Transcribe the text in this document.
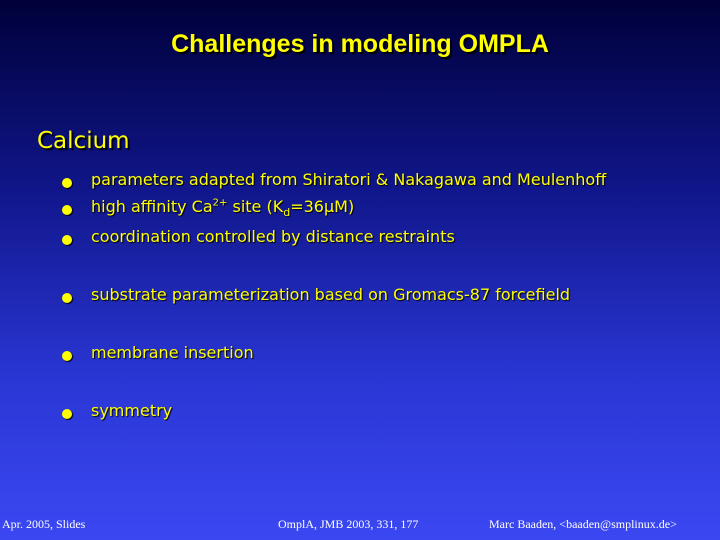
Challenges in modeling OMPLA
Calcium
parameters adapted from Shiratori & Nakagawa and Meulenhoff
high affinity $Ca^{2+}$ site $(K_d=36\mu M)$
coordination controlled by distance restraints
substrate parameterization based on Gromacs-87 forcefield
membrane insertion
symmetry
Apr. 2005, Slides	OmplA, JMB 2003, 331, 177	Marc Baaden, <baaden@smplinux.de>
